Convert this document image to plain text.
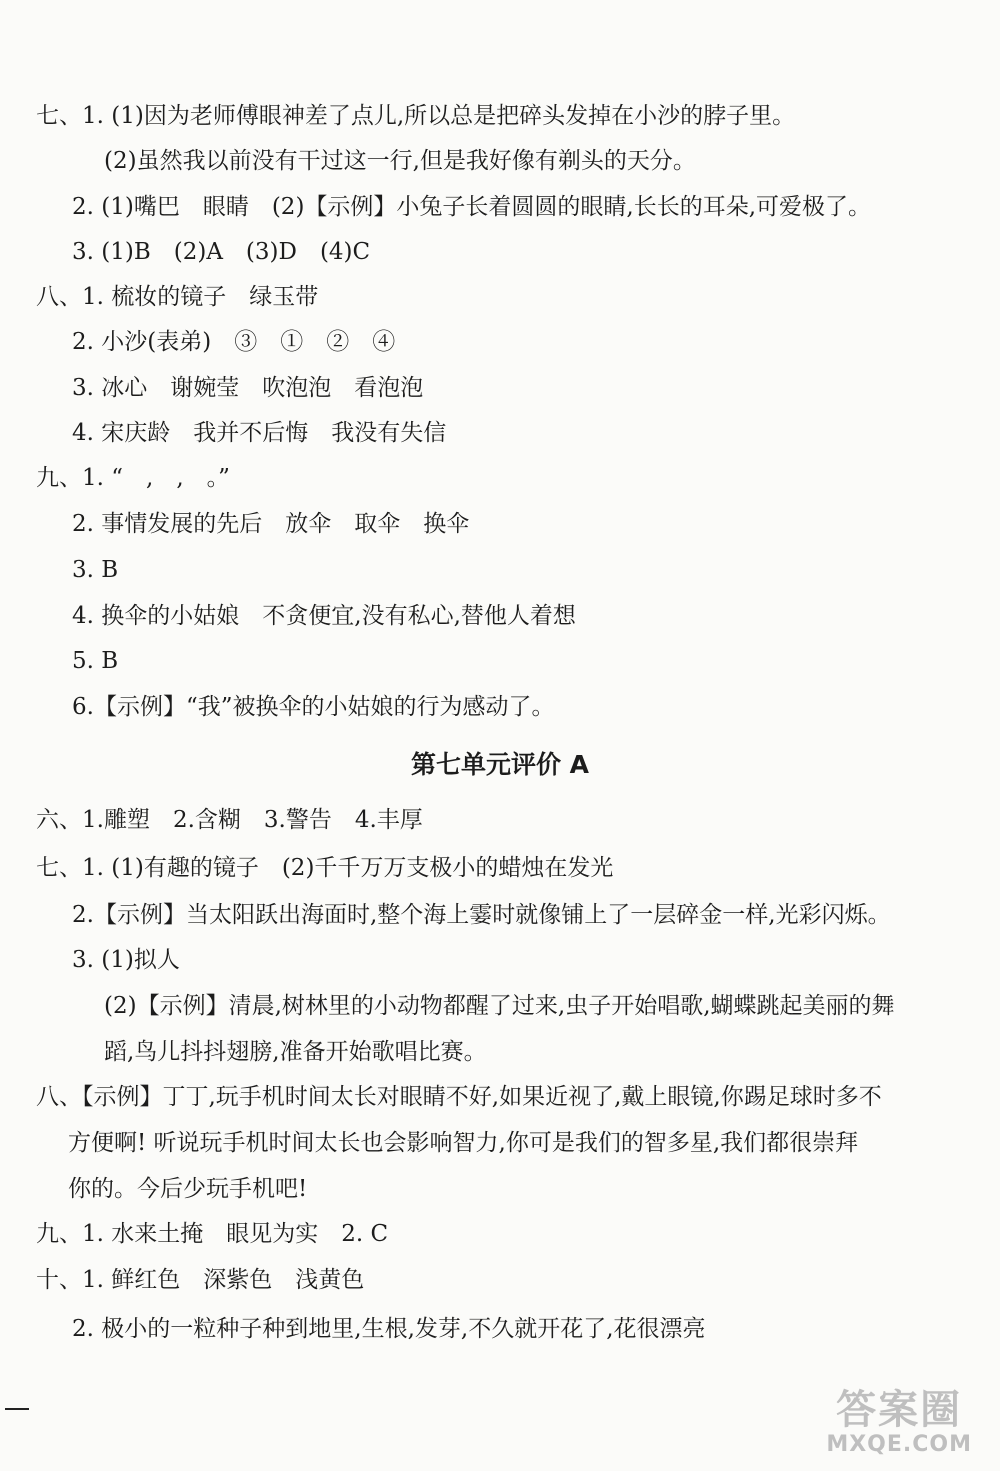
七、1. (1)因为老师傅眼神差了点儿,所以总是把碎头发掉在小沙的脖子里。
(2)虽然我以前没有干过这一行,但是我好像有剃头的天分。
2. (1)嘴巴　眼睛　(2)【示例】小兔子长着圆圆的眼睛,长长的耳朵,可爱极了。
3. (1)B　(2)A　(3)D　(4)C
八、1. 梳妆的镜子　绿玉带
2. 小沙(表弟)　③　①　②　④
3. 冰心　谢婉莹　吹泡泡　看泡泡
4. 宋庆龄　我并不后悔　我没有失信
九、1. “　,　,　。”
2. 事情发展的先后　放伞　取伞　换伞
3. B
4. 换伞的小姑娘　不贪便宜,没有私心,替他人着想
5. B
6.【示例】“我”被换伞的小姑娘的行为感动了。
第七单元评价 A
六、1.雕塑　2.含糊　3.警告　4.丰厚
七、1. (1)有趣的镜子　(2)千千万万支极小的蜡烛在发光
2.【示例】当太阳跃出海面时,整个海上霎时就像铺上了一层碎金一样,光彩闪烁。
3. (1)拟人
(2)【示例】清晨,树林里的小动物都醒了过来,虫子开始唱歌,蝴蝶跳起美丽的舞
蹈,鸟儿抖抖翅膀,准备开始歌唱比赛。
八、【示例】丁丁,玩手机时间太长对眼睛不好,如果近视了,戴上眼镜,你踢足球时多不
方便啊! 听说玩手机时间太长也会影响智力,你可是我们的智多星,我们都很崇拜
你的。今后少玩手机吧!
九、1. 水来土掩　眼见为实　2. C
十、1. 鲜红色　深紫色　浅黄色
2. 极小的一粒种子种到地里,生根,发芽,不久就开花了,花很漂亮
答案圈
MXQE.COM
